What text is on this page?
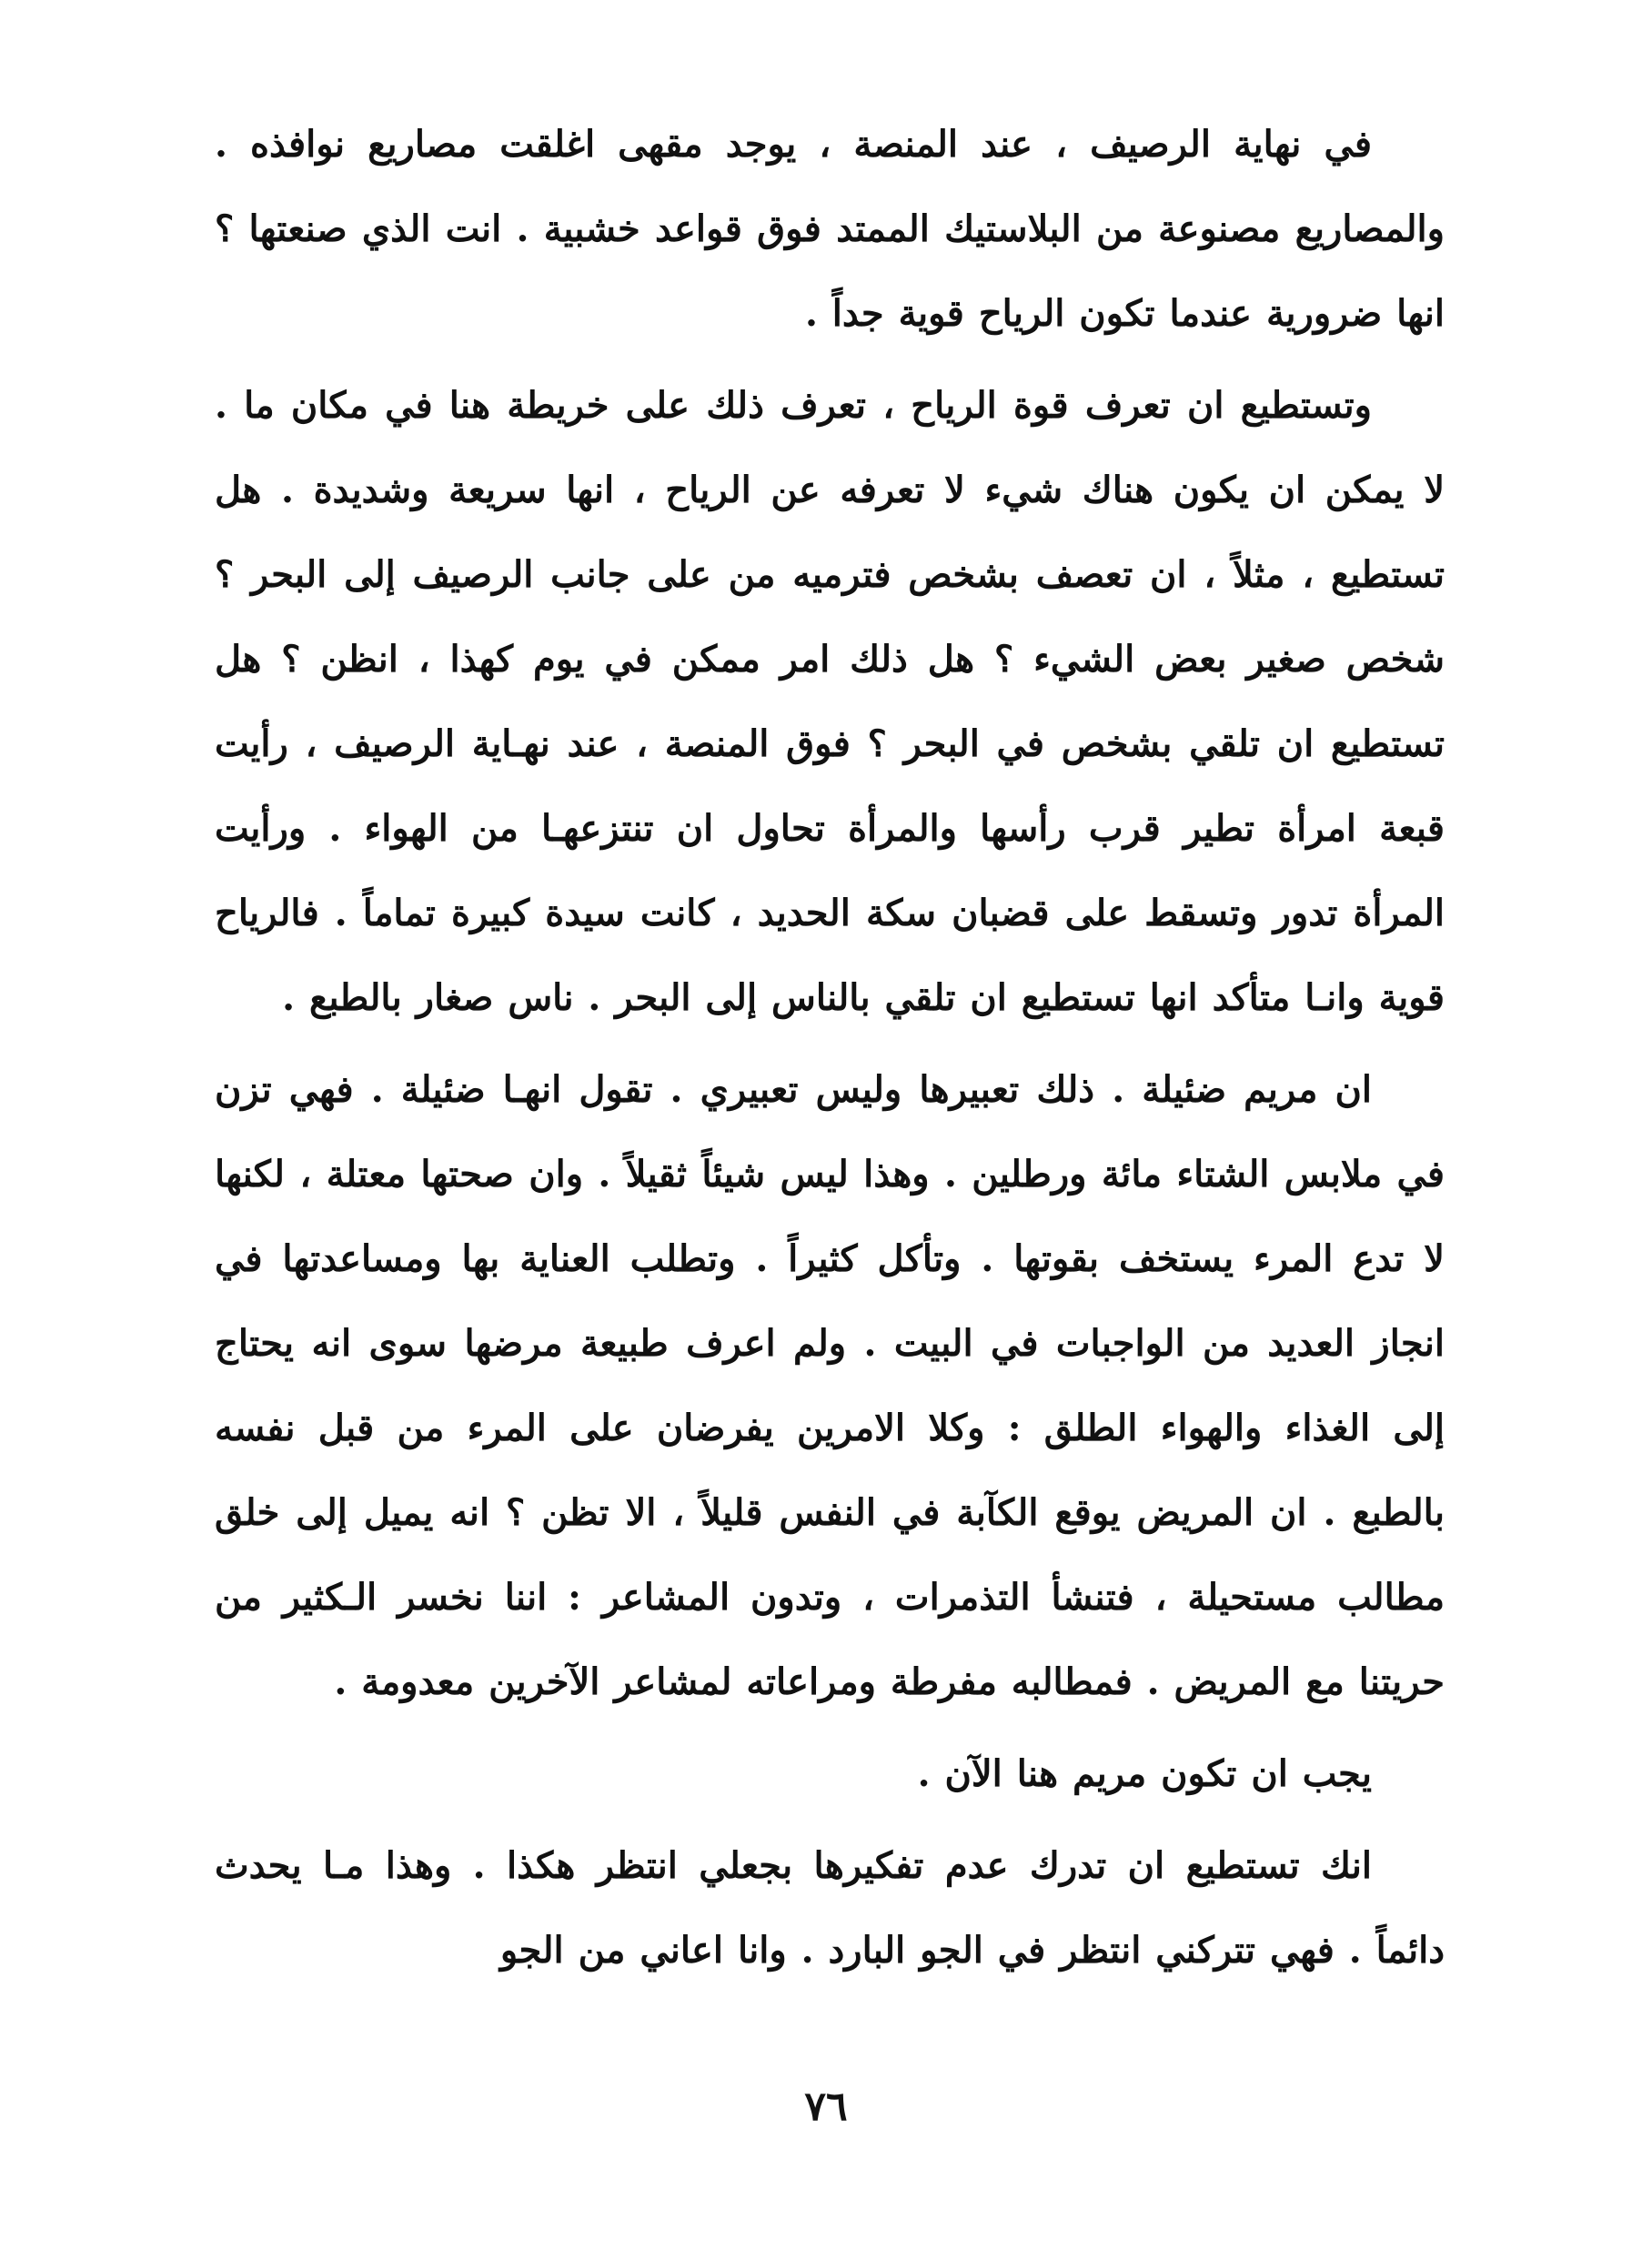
في نهاية الرصيف ، عند المنصة ، يوجد مقهى اغلقت مصاريع نوافذه . والمصاريع مصنوعة من البلاستيك الممتد فوق قواعد خشبية . انت الذي صنعتها ؟ انها ضرورية عندما تكون الرياح قوية جداً .

وتستطيع ان تعرف قوة الرياح ، تعرف ذلك على خريطة هنا في مكان ما . لا يمكن ان يكون هناك شيء لا تعرفه عن الرياح ، انها سريعة وشديدة . هل تستطيع ، مثلاً ، ان تعصف بشخص فترميه من على جانب الرصيف إلى البحر ؟ شخص صغير بعض الشيء ؟ هل ذلك امر ممكن في يوم كهذا ، انظن ؟ هل تستطيع ان تلقي بشخص في البحر ؟ فوق المنصة ، عند نهـاية الرصيف ، رأيت قبعة امرأة تطير قرب رأسها والمرأة تحاول ان تنتزعهـا من الهواء . ورأيت المرأة تدور وتسقط على قضبان سكة الحديد ، كانت سيدة كبيرة تماماً . فالرياح قوية وانـا متأكد انها تستطيع ان تلقي بالناس إلى البحر . ناس صغار بالطبع .

ان مريم ضئيلة . ذلك تعبيرها وليس تعبيري . تقول انهـا ضئيلة . فهي تزن في ملابس الشتاء مائة ورطلين . وهذا ليس شيئاً ثقيلاً . وان صحتها معتلة ، لكنها لا تدع المرء يستخف بقوتها . وتأكل كثيراً . وتطلب العناية بها ومساعدتها في انجاز العديد من الواجبات في البيت . ولم اعرف طبيعة مرضها سوى انه يحتاج إلى الغذاء والهواء الطلق : وكلا الامرين يفرضان على المرء من قبل نفسه بالطبع . ان المريض يوقع الكآبة في النفس قليلاً ، الا تظن ؟ انه يميل إلى خلق مطالب مستحيلة ، فتنشأ التذمرات ، وتدون المشاعر : اننا نخسر الـكثير من حريتنا مع المريض . فمطالبه مفرطة ومراعاته لمشاعر الآخرين معدومة .

يجب ان تكون مريم هنا الآن .

انك تستطيع ان تدرك عدم تفكيرها بجعلي انتظر هكذا . وهذا مـا يحدث دائماً . فهي تتركني انتظر في الجو البارد . وانا اعاني من الجو

٧٦
